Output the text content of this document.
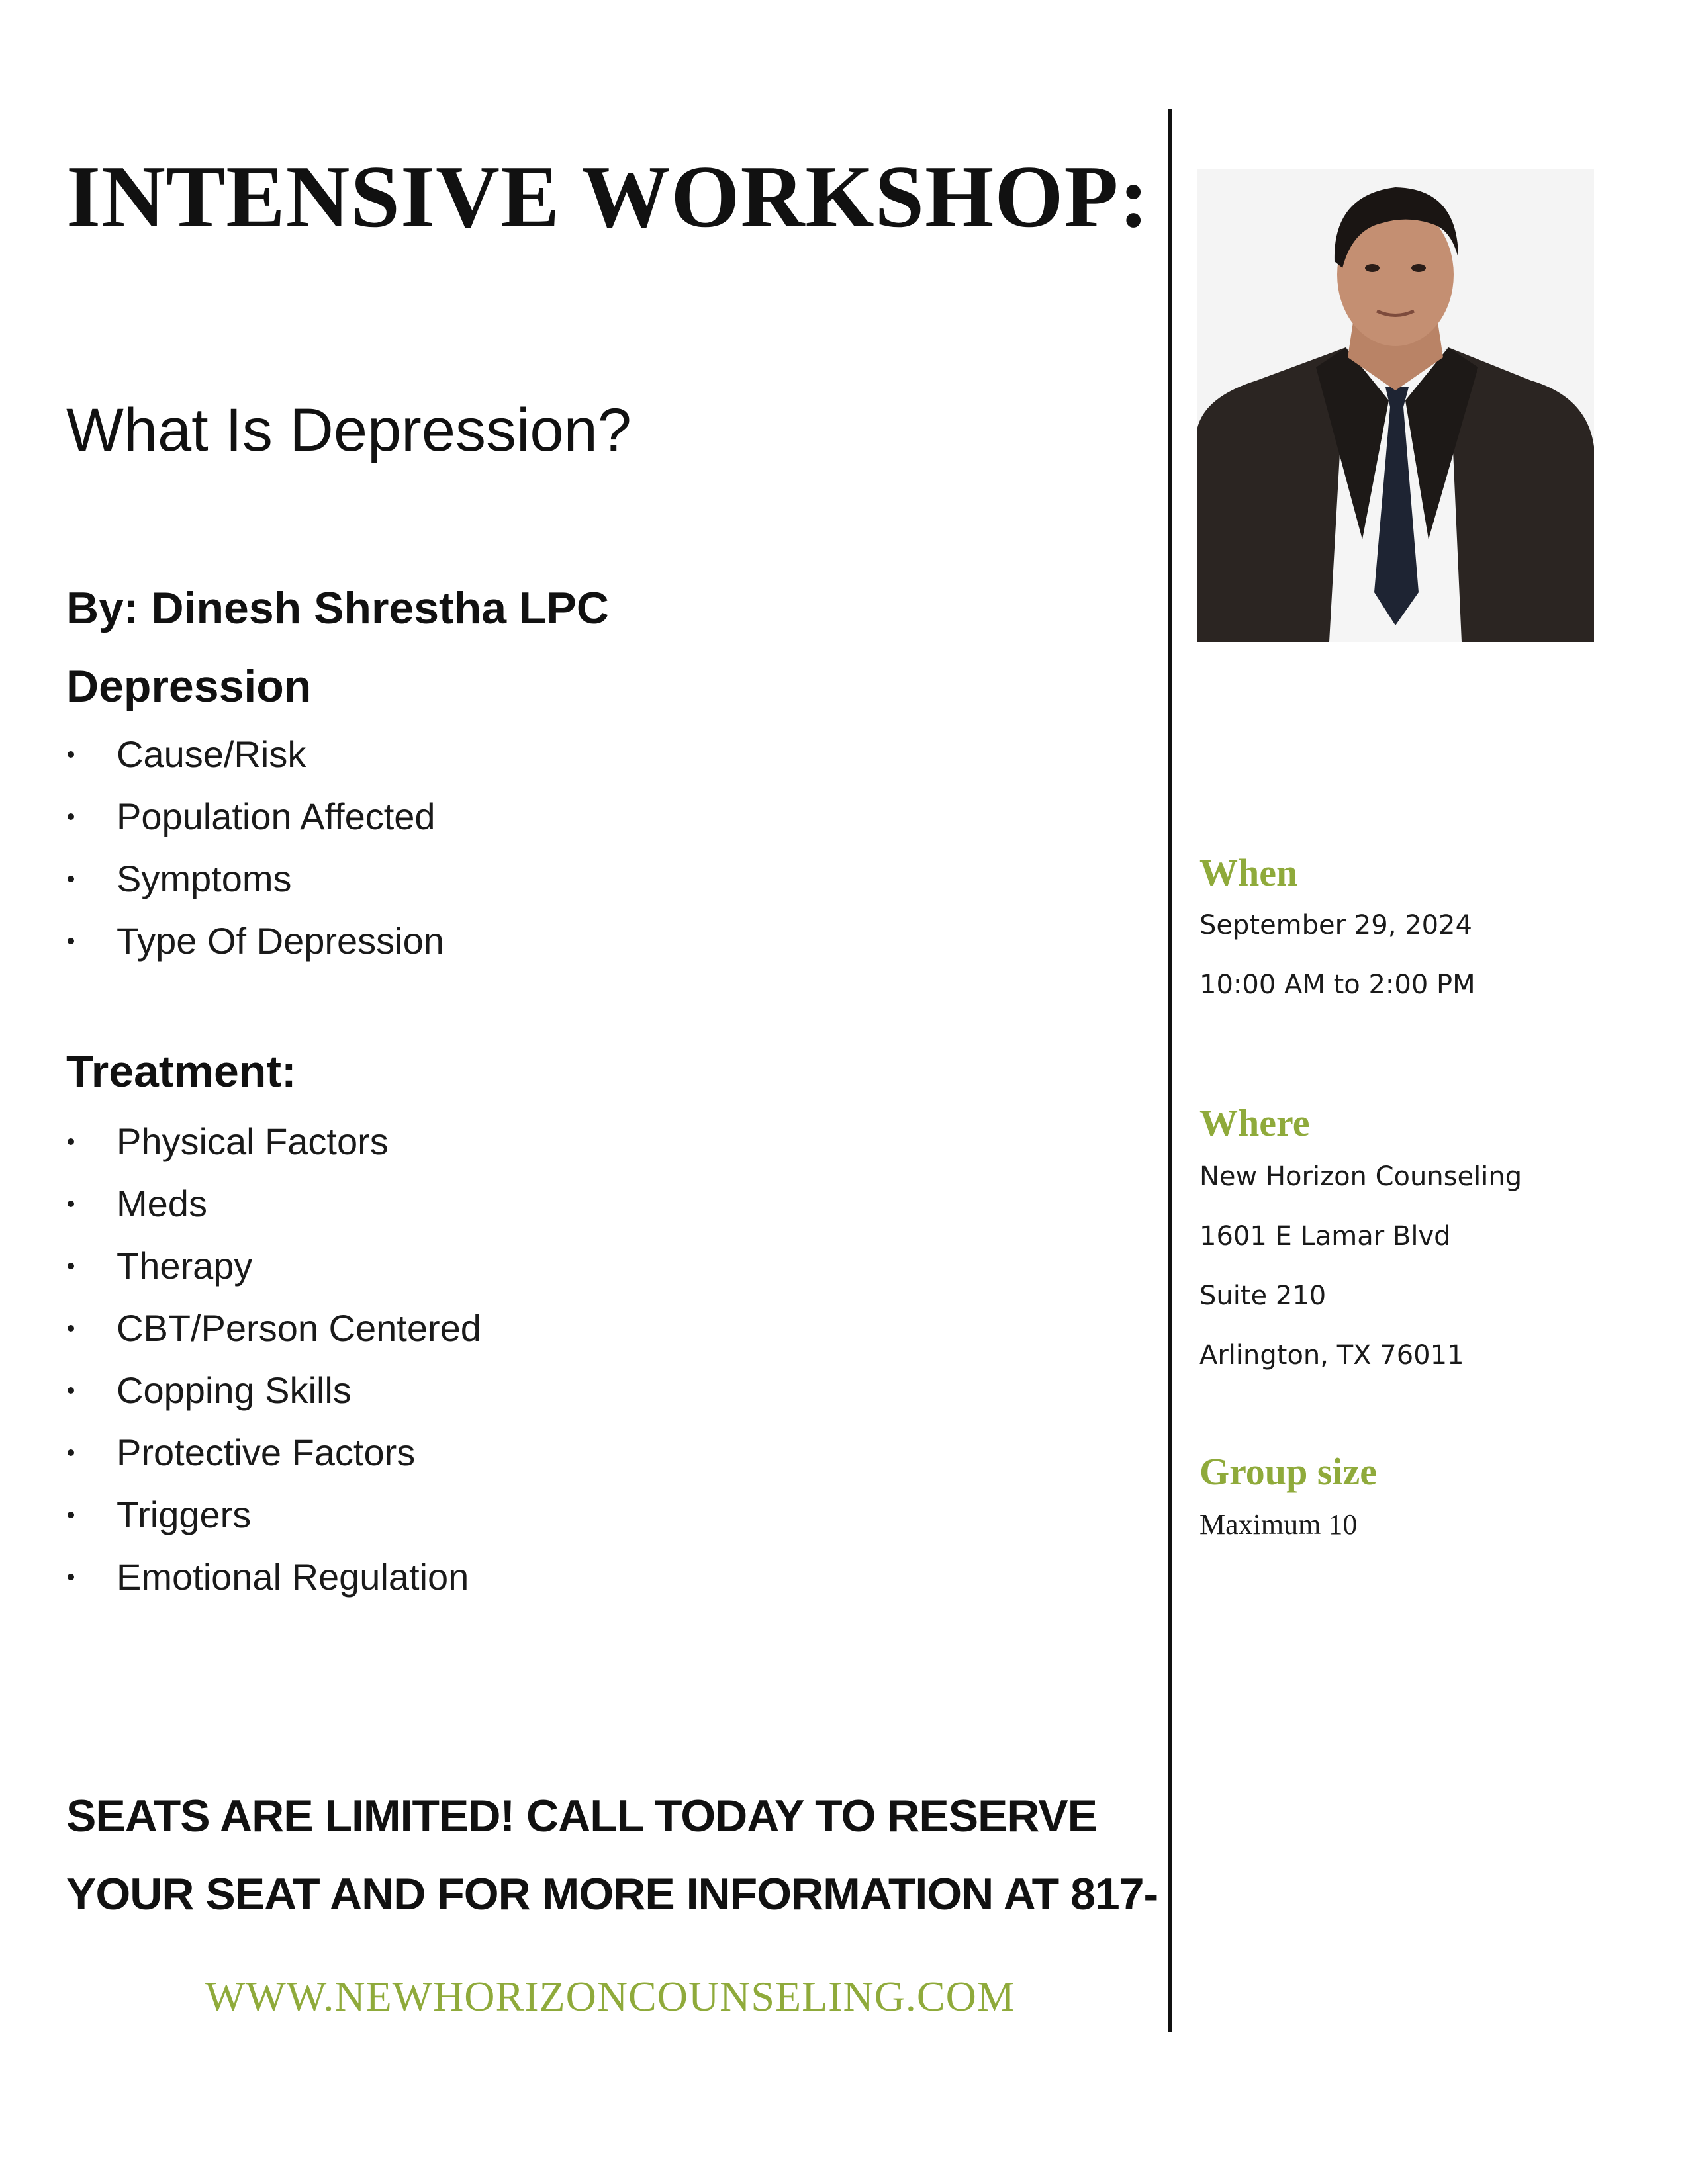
INTENSIVE WORKSHOP:
What Is Depression?
By: Dinesh Shrestha LPC
Depression
Cause/Risk
Population Affected
Symptoms
Type Of Depression
Treatment:
Physical Factors
Meds
Therapy
CBT/Person Centered
Copping Skills
Protective Factors
Triggers
Emotional Regulation
SEATS ARE LIMITED! CALL TODAY TO RESERVE
YOUR SEAT AND FOR MORE INFORMATION AT 817-
WWW.NEWHORIZONCOUNSELING.COM
When
September 29, 2024
10:00 AM to 2:00 PM
Where
New Horizon Counseling
1601 E Lamar Blvd
Suite 210
Arlington, TX 76011
Group size
Maximum 10
